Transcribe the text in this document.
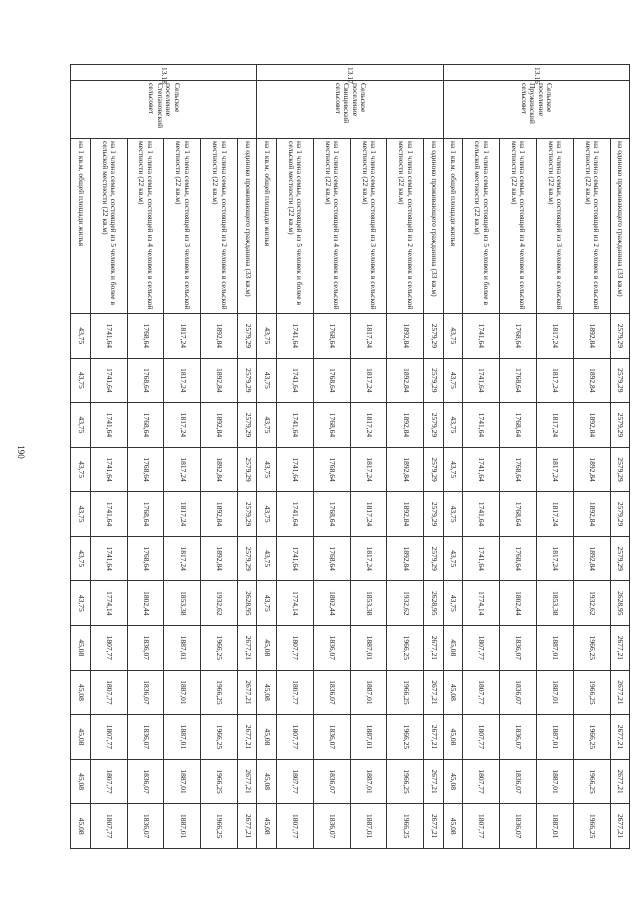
190
13.16	Сельское поселение Пружинский сельсовет	на одиноко проживающего гражданина (33 кв.м)	2579,29	2579,29	2579,29	2579,29	2579,29	2579,29	2628,95	2677,21	2677,21	2677,21	2677,21	2677,21
		на 1 члена семьи, состоящей из 2 человек в сельской местности (22 кв.м)	1892,84	1892,84	1892,84	1892,84	1892,84	1892,84	1932,62	1966,25	1966,25	1966,25	1966,25	1966,25
		на 1 члена семьи, состоящей из 3 человек в сельской местности (22 кв.м)	1817,24	1817,24	1817,24	1817,24	1817,24	1817,24	1853,38	1887,01	1887,01	1887,01	1887,01	1887,01
		на 1 члена семьи, состоящей из 4 человек в сельской местности (22 кв.м)	1768,64	1768,64	1768,64	1768,64	1768,64	1768,64	1802,44	1836,07	1836,07	1836,07	1836,07	1836,07
		на 1 члена семьи, состоящей из 5 человек и более в сельской местности (22 кв.м)	1741,64	1741,64	1741,64	1741,64	1741,64	1741,64	1774,14	1807,77	1807,77	1807,77	1807,77	1807,77
		на 1 кв.м. общей площади жилья	43,75	43,75	43,75	43,75	43,75	43,75	43,75	45,08	45,08	45,08	45,08	45,08
13.17	Сельское поселение Свищевский сельсовет	на одиноко проживающего гражданина (33 кв.м)	2579,29	2579,29	2579,29	2579,29	2579,29	2579,29	2628,95	2677,21	2677,21	2677,21	2677,21	2677,21
		на 1 члена семьи, состоящей из 2 человек в сельской местности (22 кв.м)	1892,84	1892,84	1892,84	1892,84	1892,84	1892,84	1932,62	1966,25	1966,25	1966,25	1966,25	1966,25
		на 1 члена семьи, состоящей из 3 человек в сельской местности (22 кв.м)	1817,24	1817,24	1817,24	1817,24	1817,24	1817,24	1853,38	1887,01	1887,01	1887,01	1887,01	1887,01
		на 1 члена семьи, состоящей из 4 человек в сельской местности (22 кв.м)	1768,64	1768,64	1768,64	1768,64	1768,64	1768,64	1802,44	1836,07	1836,07	1836,07	1836,07	1836,07
		на 1 члена семьи, состоящей из 5 человек и более в сельской местности (22 кв.м)	1741,64	1741,64	1741,64	1741,64	1741,64	1741,64	1774,14	1807,77	1807,77	1807,77	1807,77	1807,77
		на 1 кв.м. общей площади жилья	43,75	43,75	43,75	43,75	43,75	43,75	43,75	45,08	45,08	45,08	45,08	45,08
13.18	Сельское поселение Степановский сельсовет	на одиноко проживающего гражданина (33 кв.м)	2579,29	2579,29	2579,29	2579,29	2579,29	2579,29	2628,95	2677,21	2677,21	2677,21	2677,21	2677,21
		на 1 члена семьи, состоящей из 2 человек в сельской местности (22 кв.м)	1892,84	1892,84	1892,84	1892,84	1892,84	1892,84	1932,62	1966,25	1966,25	1966,25	1966,25	1966,25
		на 1 члена семьи, состоящей из 3 человек в сельской местности (22 кв.м)	1817,24	1817,24	1817,24	1817,24	1817,24	1817,24	1853,38	1887,01	1887,01	1887,01	1887,01	1887,01
		на 1 члена семьи, состоящей из 4 человек в сельской местности (22 кв.м)	1768,64	1768,64	1768,64	1768,64	1768,64	1768,64	1802,44	1836,07	1836,07	1836,07	1836,07	1836,07
		на 1 члена семьи, состоящей из 5 человек и более в сельской местности (22 кв.м)	1741,64	1741,64	1741,64	1741,64	1741,64	1741,64	1774,14	1807,77	1807,77	1807,77	1807,77	1807,77
		на 1 кв.м. общей площади жилья	43,75	43,75	43,75	43,75	43,75	43,75	43,75	45,08	45,08	45,08	45,08	45,08
